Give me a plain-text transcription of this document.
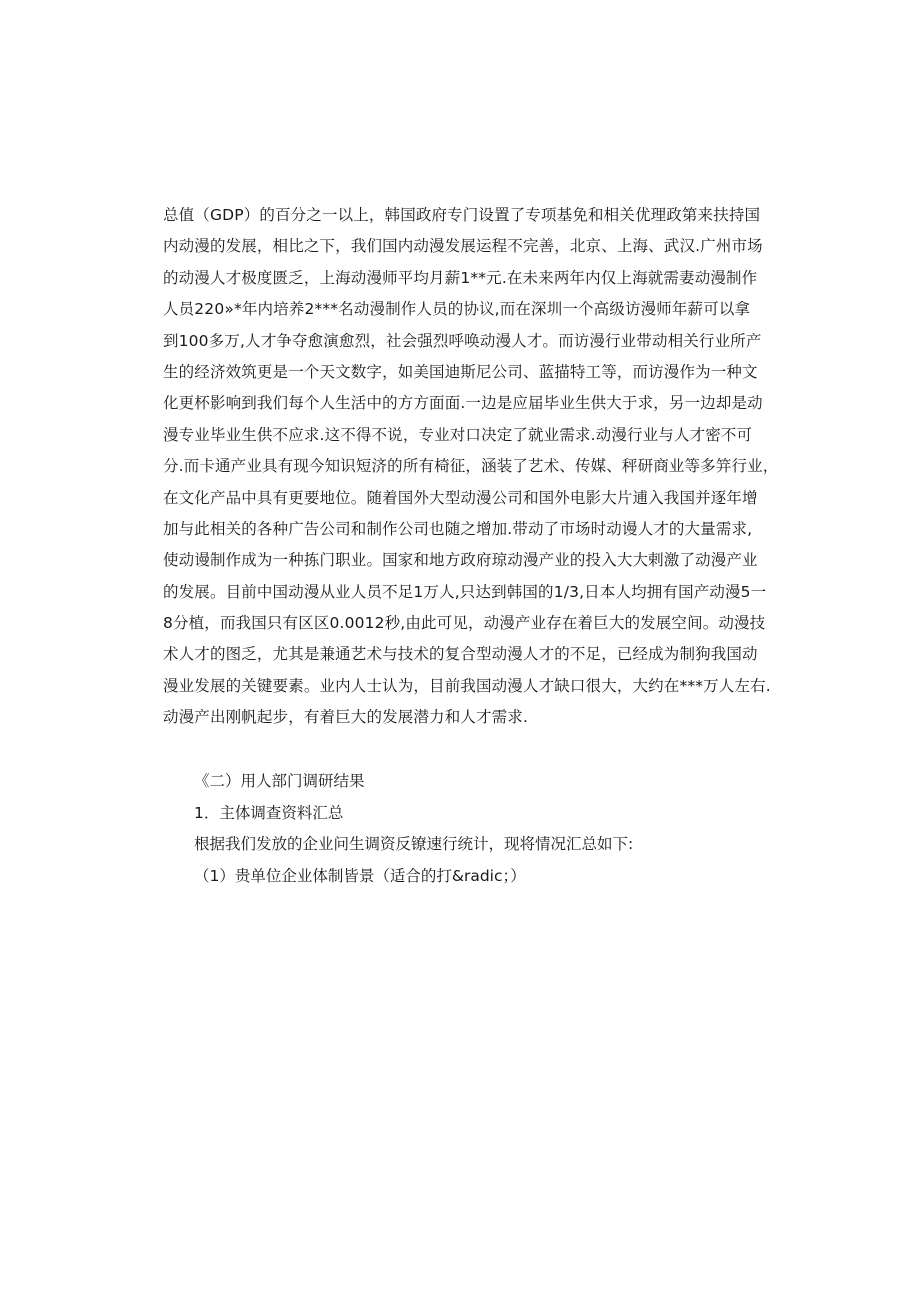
总值（GDP）的百分之一以上，韩国政府专门设置了专项基免和相关优理政第来扶持国
内动漫的发展，相比之下，我们国内动漫发展运程不完善，北京、上海、武汉.广州市场
的动漫人才极度匮乏，上海动漫师平均月薪1**元.在未来两年内仅上海就需妻动漫制作
人员220»*年内培养2***名动漫制作人员的协议,而在深圳一个高级访漫师年薪可以拿
到100多万,人才争夺愈演愈烈，社会强烈呼唤动漫人才。而访漫行业带动相关行业所产
生的经济效筑更是一个天文数字，如美国迪斯尼公司、蓝描特工等，而访漫作为一种文
化更杯影响到我们每个人生活中的方方面面.一边是应届毕业生供大于求，另一边却是动
漫专业毕业生供不应求.这不得不说，专业对口决定了就业需求.动漫行业与人才密不可
分.而卡通产业具有现今知识短济的所有椅征，涵装了艺术、传媒、秤研商业等多笄行业，
在文化产品中具有更要地位。随着国外大型动漫公司和国外电影大片逋入我国并逐年增
加与此相关的各种广告公司和制作公司也随之增加.带动了市场时动谩人才的大量需求,
使动谩制作成为一种拣门职业。国家和地方政府琼动漫产业的投入大大剌激了动漫产业
的发展。目前中国动漫从业人员不足1万人,只达到韩国的1/3,日本人均拥有国产动漫5一
8分植，而我国只有区区0.0012秒,由此可见，动漫产业存在着巨大的发展空间。动漫技
术人才的图乏，尤其是兼通艺术与技术的复合型动漫人才的不足，已经成为制狗我国动
漫业发展的关键要素。业内人士认为，目前我国动漫人才缺口很大，大约在***万人左右.
动漫产出刚帆起步，有着巨大的发展潜力和人才需求.
《二）用人部门调研结果
1．主体调查资料汇总
根据我们发放的企业问生调资反镣速行统计，现将情况汇总如下:
（1）贵单位企业体制皆景（适合的打&radic；）
